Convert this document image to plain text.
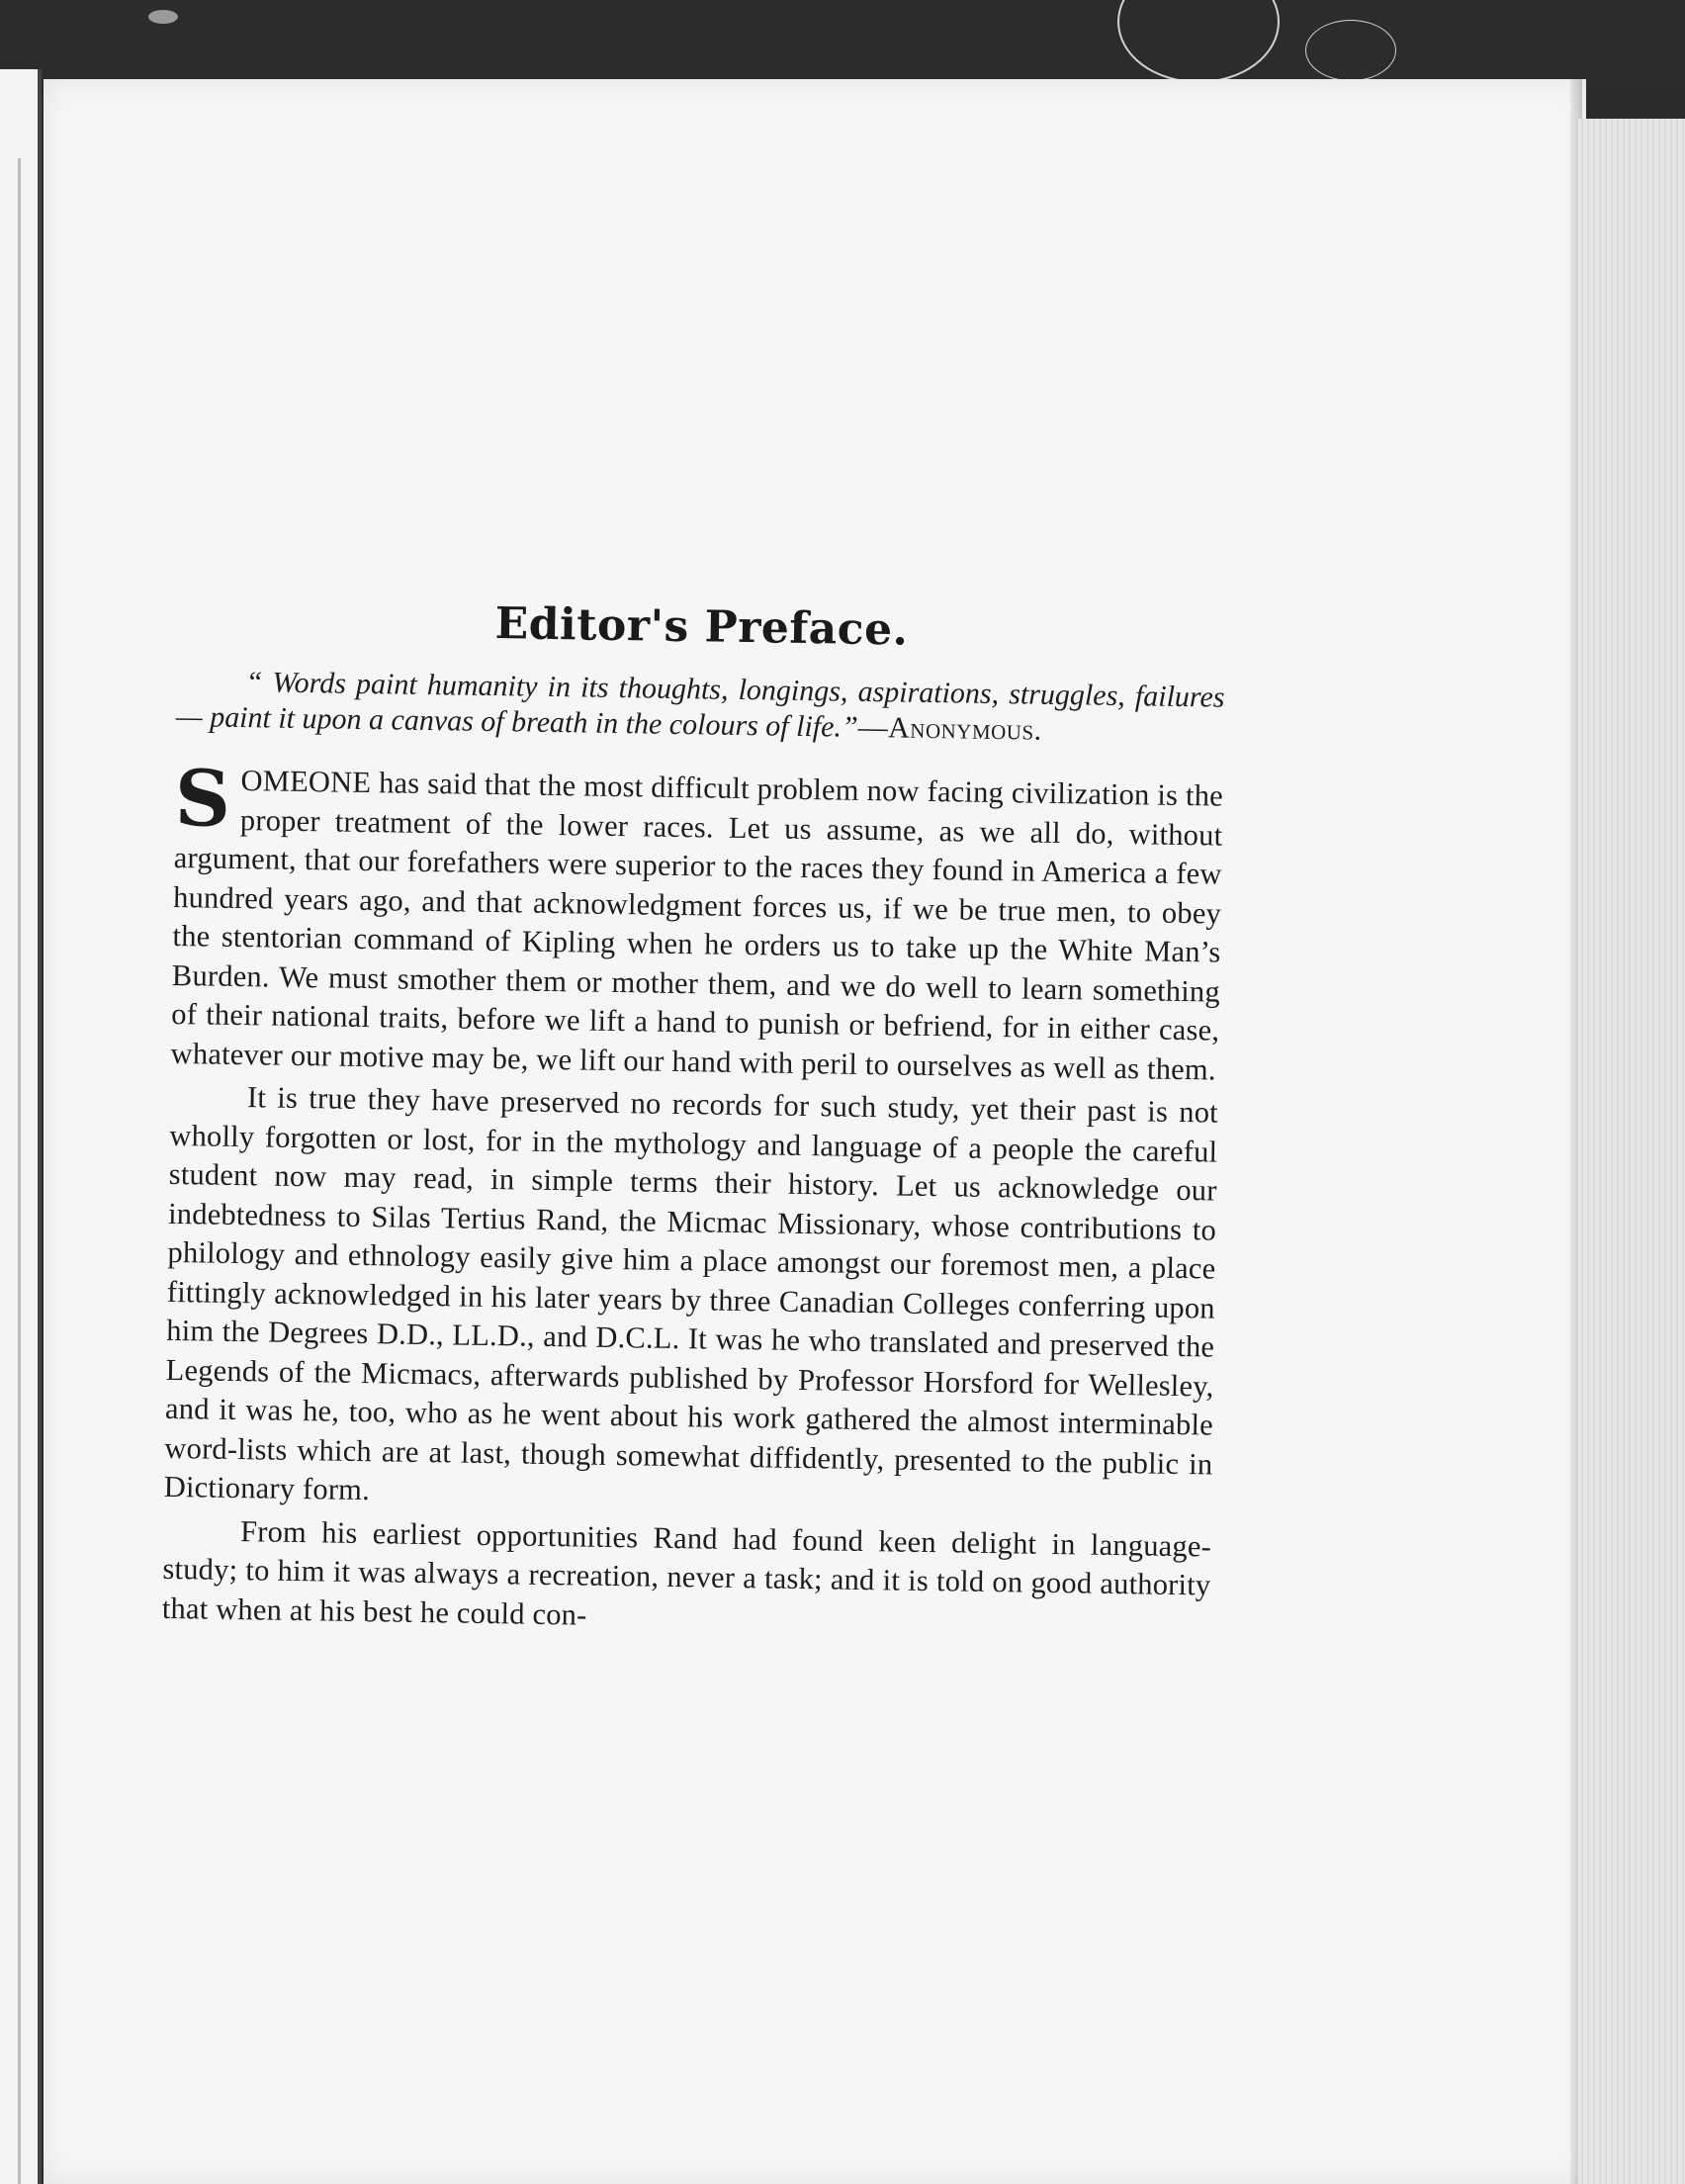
Editor's Preface.

“ Words paint humanity in its thoughts, longings, aspirations, struggles, failures — paint it upon a canvas of breath in the colours of life.”—Anonymous.

SOMEONE has said that the most difficult problem now facing civilization is the proper treatment of the lower races. Let us assume, as we all do, without argument, that our forefathers were superior to the races they found in America a few hundred years ago, and that acknowledgment forces us, if we be true men, to obey the stentorian command of Kipling when he orders us to take up the White Man’s Burden. We must smother them or mother them, and we do well to learn something of their national traits, before we lift a hand to punish or befriend, for in either case, whatever our motive may be, we lift our hand with peril to ourselves as well as them.

It is true they have preserved no records for such study, yet their past is not wholly forgotten or lost, for in the mythology and language of a people the careful student now may read, in simple terms their history. Let us acknowledge our indebtedness to Silas Tertius Rand, the Micmac Missionary, whose contributions to philology and ethnology easily give him a place amongst our foremost men, a place fittingly acknowledged in his later years by three Canadian Colleges conferring upon him the Degrees D.D., LL.D., and D.C.L. It was he who translated and preserved the Legends of the Micmacs, afterwards published by Professor Horsford for Wellesley, and it was he, too, who as he went about his work gathered the almost interminable word-lists which are at last, though somewhat diffidently, presented to the public in Dictionary form.

From his earliest opportunities Rand had found keen delight in language-study; to him it was always a recreation, never a task; and it is told on good authority that when at his best he could con-
